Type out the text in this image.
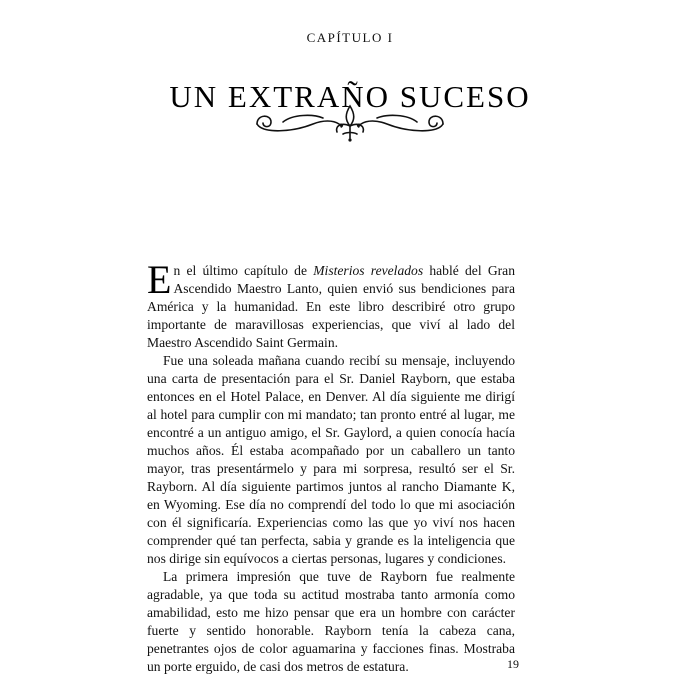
CAPÍTULO I
UN EXTRAÑO SUCESO

En el último capítulo de Misterios revelados hablé del Gran Ascendido Maestro Lanto, quien envió sus bendiciones para América y la humanidad. En este libro describiré otro grupo importante de maravillosas experiencias, que viví al lado del Maestro Ascendido Saint Germain.

Fue una soleada mañana cuando recibí su mensaje, incluyendo una carta de presentación para el Sr. Daniel Rayborn, que estaba entonces en el Hotel Palace, en Denver. Al día siguiente me dirigí al hotel para cumplir con mi mandato; tan pronto entré al lugar, me encontré a un antiguo amigo, el Sr. Gaylord, a quien conocía hacía muchos años. Él estaba acompañado por un caballero un tanto mayor, tras presentármelo y para mi sorpresa, resultó ser el Sr. Rayborn. Al día siguiente partimos juntos al rancho Diamante K, en Wyoming. Ese día no comprendí del todo lo que mi asociación con él significaría. Experiencias como las que yo viví nos hacen comprender qué tan perfecta, sabia y grande es la inteligencia que nos dirige sin equívocos a ciertas personas, lugares y condiciones.

La primera impresión que tuve de Rayborn fue realmente agradable, ya que toda su actitud mostraba tanto armonía como amabilidad, esto me hizo pensar que era un hombre con carácter fuerte y sentido honorable. Rayborn tenía la cabeza cana, penetrantes ojos de color aguamarina y facciones finas. Mostraba un porte erguido, de casi dos metros de estatura.	19
